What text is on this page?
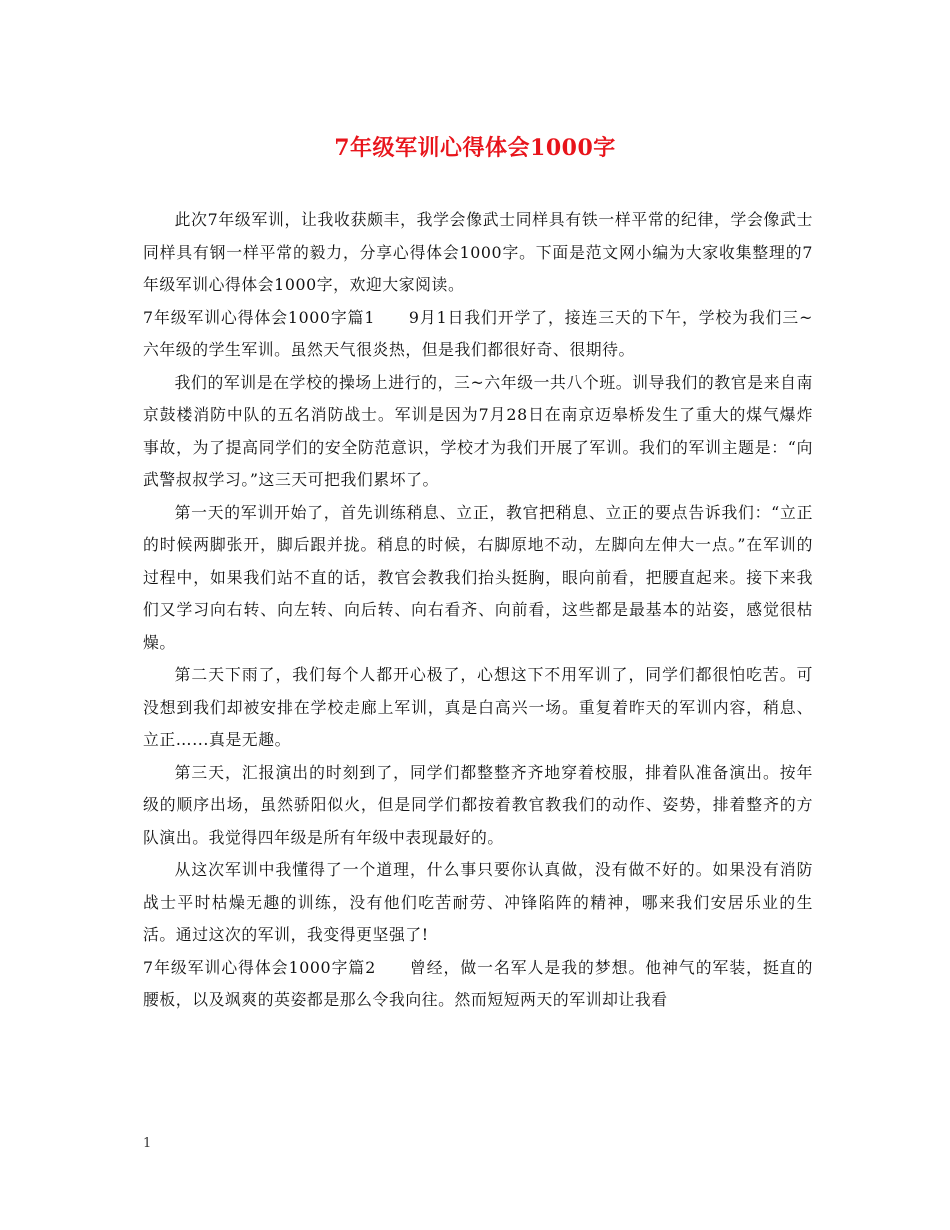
7年级军训心得体会1000字

此次7年级军训，让我收获颇丰，我学会像武士同样具有铁一样平常的纪律，学会像武士同样具有钢一样平常的毅力，分享心得体会1000字。下面是范文网小编为大家收集整理的7年级军训心得体会1000字，欢迎大家阅读。

7年级军训心得体会1000字篇1　　9月1日我们开学了，接连三天的下午，学校为我们三~六年级的学生军训。虽然天气很炎热，但是我们都很好奇、很期待。

我们的军训是在学校的操场上进行的，三~六年级一共八个班。训导我们的教官是来自南京鼓楼消防中队的五名消防战士。军训是因为7月28日在南京迈皋桥发生了重大的煤气爆炸事故，为了提高同学们的安全防范意识，学校才为我们开展了军训。我们的军训主题是：“向武警叔叔学习。”这三天可把我们累坏了。

第一天的军训开始了，首先训练稍息、立正，教官把稍息、立正的要点告诉我们：“立正的时候两脚张开，脚后跟并拢。稍息的时候，右脚原地不动，左脚向左伸大一点。”在军训的过程中，如果我们站不直的话，教官会教我们抬头挺胸，眼向前看，把腰直起来。接下来我们又学习向右转、向左转、向后转、向右看齐、向前看，这些都是最基本的站姿，感觉很枯燥。

第二天下雨了，我们每个人都开心极了，心想这下不用军训了，同学们都很怕吃苦。可没想到我们却被安排在学校走廊上军训，真是白高兴一场。重复着昨天的军训内容，稍息、立正…...真是无趣。

第三天，汇报演出的时刻到了，同学们都整整齐齐地穿着校服，排着队准备演出。按年级的顺序出场，虽然骄阳似火，但是同学们都按着教官教我们的动作、姿势，排着整齐的方队演出。我觉得四年级是所有年级中表现最好的。

从这次军训中我懂得了一个道理，什么事只要你认真做，没有做不好的。如果没有消防战士平时枯燥无趣的训练，没有他们吃苦耐劳、冲锋陷阵的精神，哪来我们安居乐业的生活。通过这次的军训，我变得更坚强了!

7年级军训心得体会1000字篇2　　曾经，做一名军人是我的梦想。他神气的军装，挺直的腰板，以及飒爽的英姿都是那么令我向往。然而短短两天的军训却让我看

1
